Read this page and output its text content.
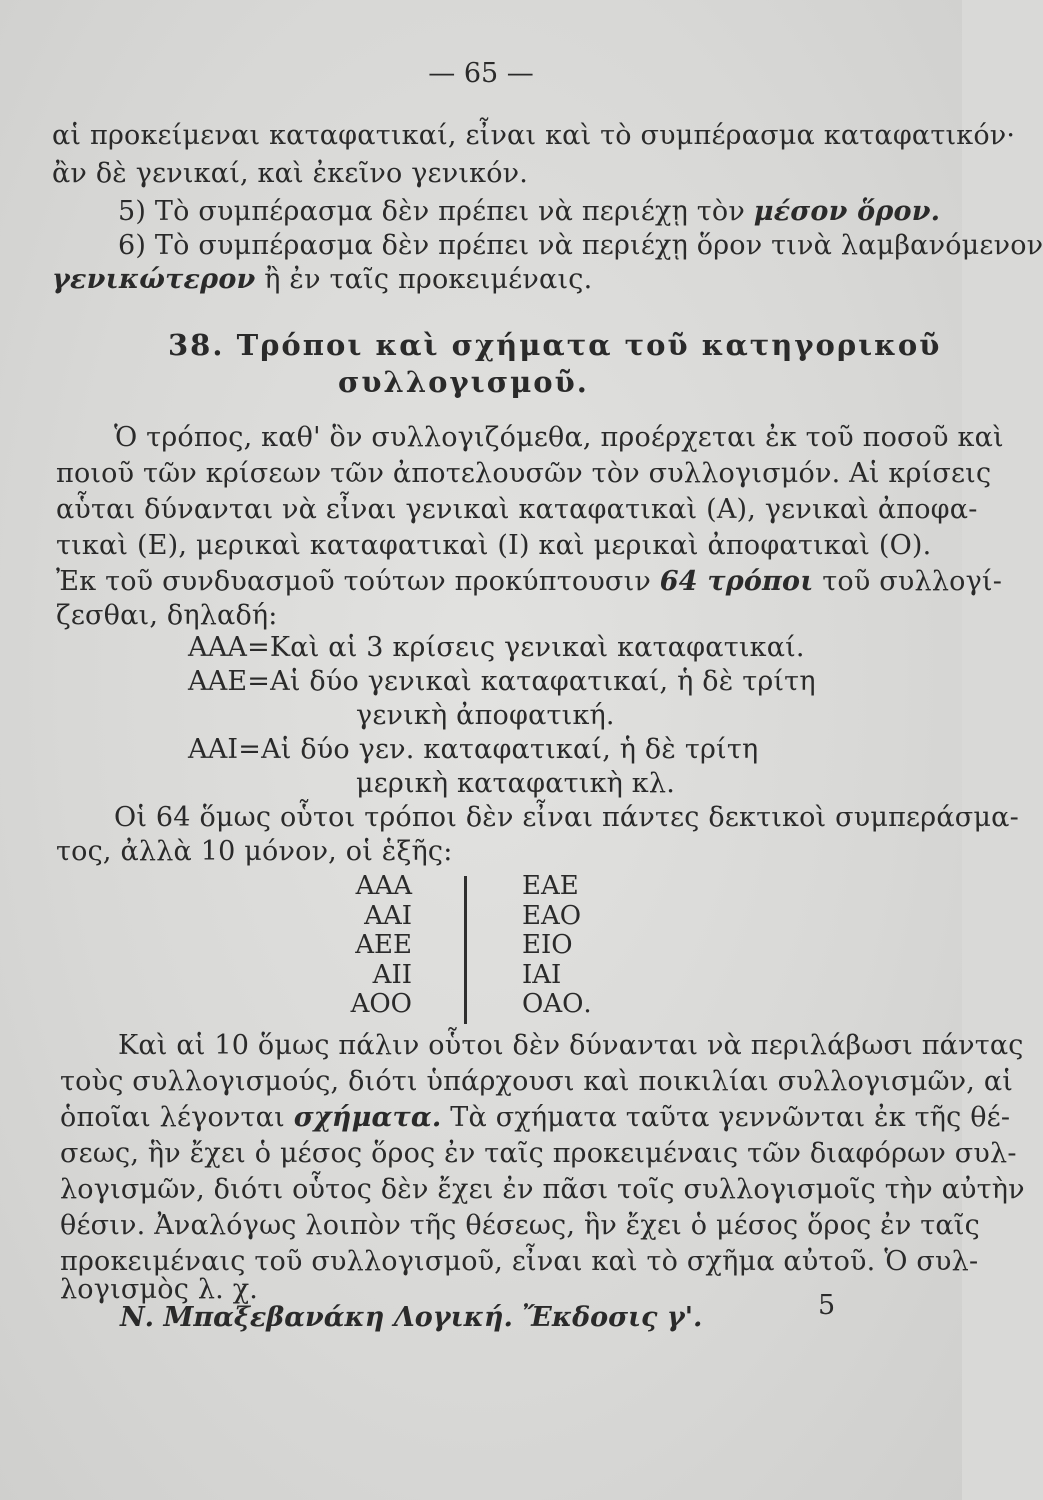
— 65 —
αἱ προκείμεναι καταφατικαί, εἶναι καὶ τὸ συμπέρασμα καταφατικόν·
ἂν δὲ γενικαί, καὶ ἐκεῖνο γενικόν.
5) Τὸ συμπέρασμα δὲν πρέπει νὰ περιέχῃ τὸν μέσον ὅρον.
6) Τὸ συμπέρασμα δὲν πρέπει νὰ περιέχῃ ὅρον τινὰ λαμβανόμενον
γενικώτερον ἢ ἐν ταῖς προκειμέναις.
38. Τρόποι καὶ σχήματα τοῦ κατηγορικοῦ
συλλογισμοῦ.
Ὁ τρόπος, καθ' ὃν συλλογιζόμεθα, προέρχεται ἐκ τοῦ ποσοῦ καὶ
ποιοῦ τῶν κρίσεων τῶν ἀποτελουσῶν τὸν συλλογισμόν. Αἱ κρίσεις
αὗται δύνανται νὰ εἶναι γενικαὶ καταφατικαὶ (Α), γενικαὶ ἀποφα-
τικαὶ (Ε), μερικαὶ καταφατικαὶ (Ι) καὶ μερικαὶ ἀποφατικαὶ (Ο).
Ἐκ τοῦ συνδυασμοῦ τούτων προκύπτουσιν 64 τρόποι τοῦ συλλογί-
ζεσθαι, δηλαδή:
ΑΑΑ=Καὶ αἱ 3 κρίσεις γενικαὶ καταφατικαί.
ΑΑΕ=Αἱ δύο γενικαὶ καταφατικαί, ἡ δὲ τρίτη
γενικὴ ἀποφατική.
ΑΑΙ=Αἱ δύο γεν. καταφατικαί, ἡ δὲ τρίτη
μερικὴ καταφατικὴ κλ.
Οἱ 64 ὅμως οὗτοι τρόποι δὲν εἶναι πάντες δεκτικοὶ συμπεράσμα-
τος, ἀλλὰ 10 μόνον, οἱ ἑξῆς:
ΑΑΑ
ΑΑΙ
ΑΕΕ
ΑΙΙ
ΑΟΟ
ΕΑΕ
ΕΑΟ
ΕΙΟ
ΙΑΙ
ΟΑΟ.
Καὶ αἱ 10 ὅμως πάλιν οὗτοι δὲν δύνανται νὰ περιλάβωσι πάντας
τοὺς συλλογισμούς, διότι ὑπάρχουσι καὶ ποικιλίαι συλλογισμῶν, αἱ
ὁποῖαι λέγονται σχήματα. Τὰ σχήματα ταῦτα γεννῶνται ἐκ τῆς θέ-
σεως, ἣν ἔχει ὁ μέσος ὅρος ἐν ταῖς προκειμέναις τῶν διαφόρων συλ-
λογισμῶν, διότι οὗτος δὲν ἔχει ἐν πᾶσι τοῖς συλλογισμοῖς τὴν αὐτὴν
θέσιν. Ἀναλόγως λοιπὸν τῆς θέσεως, ἣν ἔχει ὁ μέσος ὅρος ἐν ταῖς
προκειμέναις τοῦ συλλογισμοῦ, εἶναι καὶ τὸ σχῆμα αὐτοῦ. Ὁ συλ-
λογισμὸς λ. χ.
Ν. Μπαξεβανάκη Λογική. Ἔκδοσις γ'.	5
